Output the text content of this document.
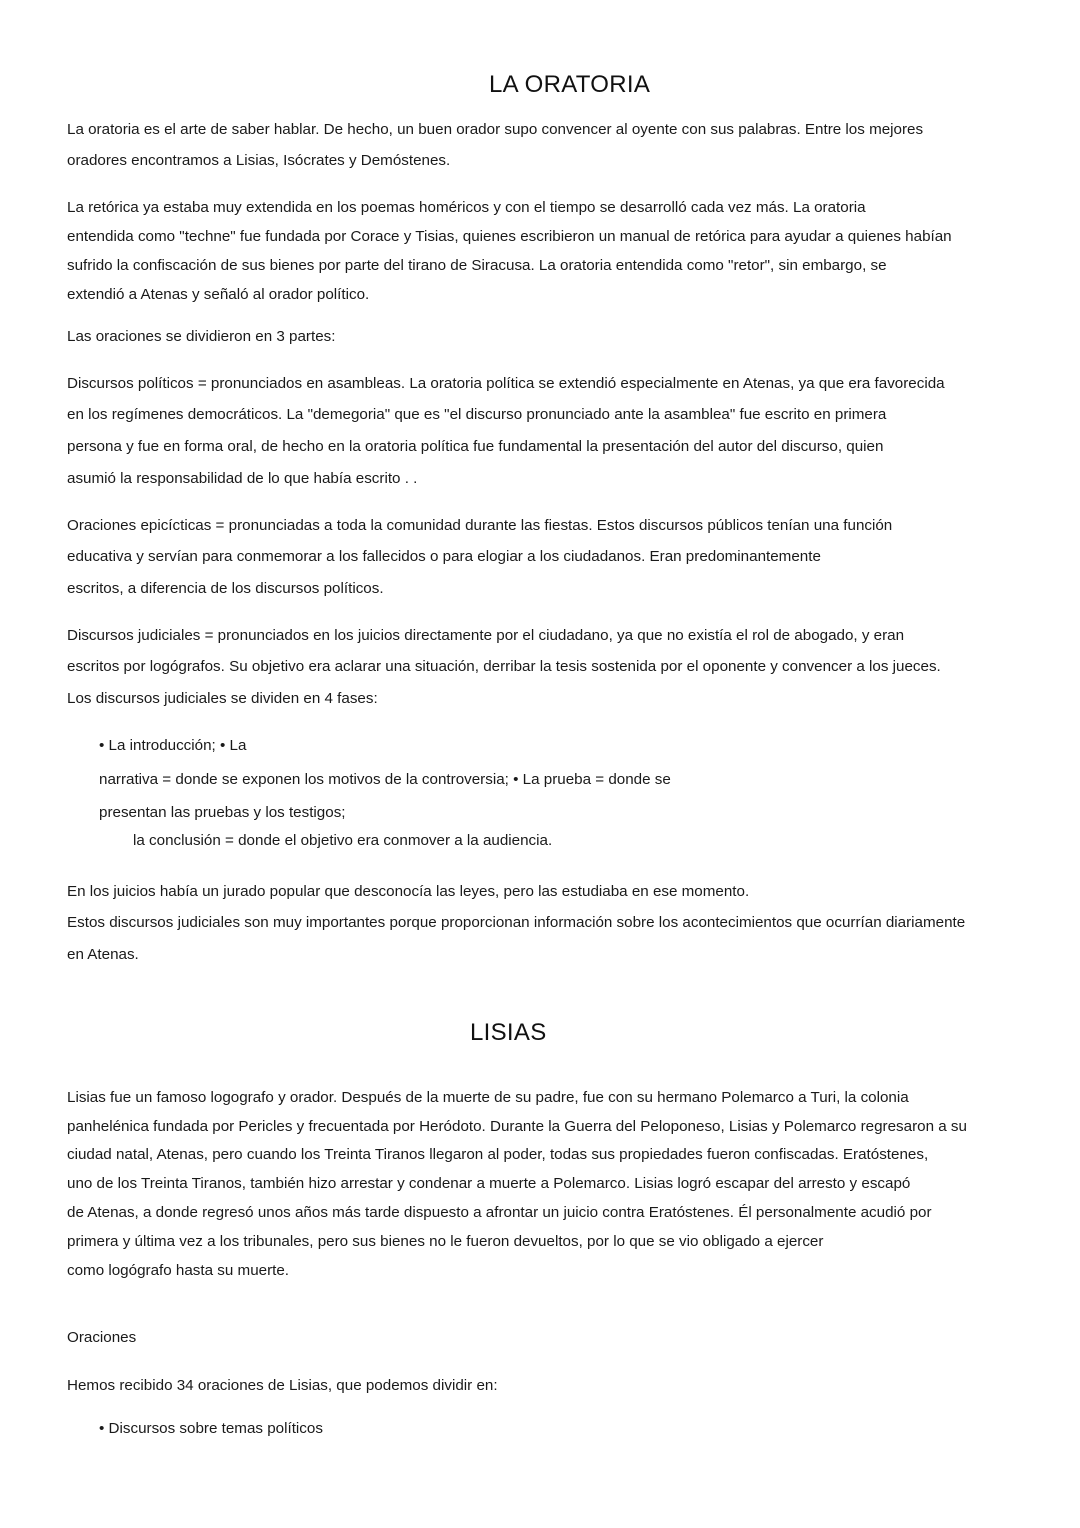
LA ORATORIA
La oratoria es el arte de saber hablar. De hecho, un buen orador supo convencer al oyente con sus palabras. Entre los mejores
oradores encontramos a Lisias, Isócrates y Demóstenes.
La retórica ya estaba muy extendida en los poemas homéricos y con el tiempo se desarrolló cada vez más. La oratoria
entendida como "techne" fue fundada por Corace y Tisias, quienes escribieron un manual de retórica para ayudar a quienes habían
sufrido la confiscación de sus bienes por parte del tirano de Siracusa. La oratoria entendida como "retor", sin embargo, se
extendió a Atenas y señaló al orador político.
Las oraciones se dividieron en 3 partes:
Discursos políticos = pronunciados en asambleas. La oratoria política se extendió especialmente en Atenas, ya que era favorecida
en los regímenes democráticos. La "demegoria" que es "el discurso pronunciado ante la asamblea" fue escrito en primera
persona y fue en forma oral, de hecho en la oratoria política fue fundamental la presentación del autor del discurso, quien
asumió la responsabilidad de lo que había escrito . .
Oraciones epicícticas = pronunciadas a toda la comunidad durante las fiestas. Estos discursos públicos tenían una función
educativa y servían para conmemorar a los fallecidos o para elogiar a los ciudadanos. Eran predominantemente
escritos, a diferencia de los discursos políticos.
Discursos judiciales = pronunciados en los juicios directamente por el ciudadano, ya que no existía el rol de abogado, y eran
escritos por logógrafos. Su objetivo era aclarar una situación, derribar la tesis sostenida por el oponente y convencer a los jueces.
Los discursos judiciales se dividen en 4 fases:
• La introducción; • La
narrativa = donde se exponen los motivos de la controversia; • La prueba = donde se
presentan las pruebas y los testigos;
la conclusión = donde el objetivo era conmover a la audiencia.
En los juicios había un jurado popular que desconocía las leyes, pero las estudiaba en ese momento.
Estos discursos judiciales son muy importantes porque proporcionan información sobre los acontecimientos que ocurrían diariamente
en Atenas.
LISIAS
Lisias fue un famoso logografo y orador. Después de la muerte de su padre, fue con su hermano Polemarco a Turi, la colonia
panhelénica fundada por Pericles y frecuentada por Heródoto. Durante la Guerra del Peloponeso, Lisias y Polemarco regresaron a su
ciudad natal, Atenas, pero cuando los Treinta Tiranos llegaron al poder, todas sus propiedades fueron confiscadas. Eratóstenes,
uno de los Treinta Tiranos, también hizo arrestar y condenar a muerte a Polemarco. Lisias logró escapar del arresto y escapó
de Atenas, a donde regresó unos años más tarde dispuesto a afrontar un juicio contra Eratóstenes. Él personalmente acudió por
primera y última vez a los tribunales, pero sus bienes no le fueron devueltos, por lo que se vio obligado a ejercer
como logógrafo hasta su muerte.
Oraciones
Hemos recibido 34 oraciones de Lisias, que podemos dividir en:
• Discursos sobre temas políticos
